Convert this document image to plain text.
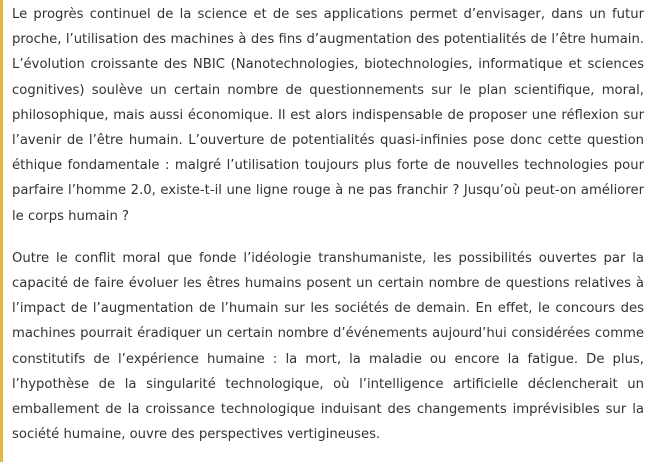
Le progrès continuel de la science et de ses applications permet d’envisager, dans un futur proche, l’utilisation des machines à des fins d’augmentation des potentialités de l’être humain. L’évolution croissante des NBIC (Nanotechnologies, biotechnologies, informatique et sciences cognitives) soulève un certain nombre de questionnements sur le plan scientifique, moral, philosophique, mais aussi économique. Il est alors indispensable de proposer une réflexion sur l’avenir de l’être humain. L’ouverture de potentialités quasi-infinies pose donc cette question éthique fondamentale : malgré l’utilisation toujours plus forte de nouvelles technologies pour parfaire l’homme 2.0, existe-t-il une ligne rouge à ne pas franchir ? Jusqu’où peut-on améliorer le corps humain ?

Outre le conflit moral que fonde l’idéologie transhumaniste, les possibilités ouvertes par la capacité de faire évoluer les êtres humains posent un certain nombre de questions relatives à l’impact de l’augmentation de l’humain sur les sociétés de demain. En effet, le concours des machines pourrait éradiquer un certain nombre d’événements aujourd’hui considérées comme constitutifs de l’expérience humaine : la mort, la maladie ou encore la fatigue. De plus, l’hypothèse de la singularité technologique, où l’intelligence artificielle déclencherait un emballement de la croissance technologique induisant des changements imprévisibles sur la société humaine, ouvre des perspectives vertigineuses.
